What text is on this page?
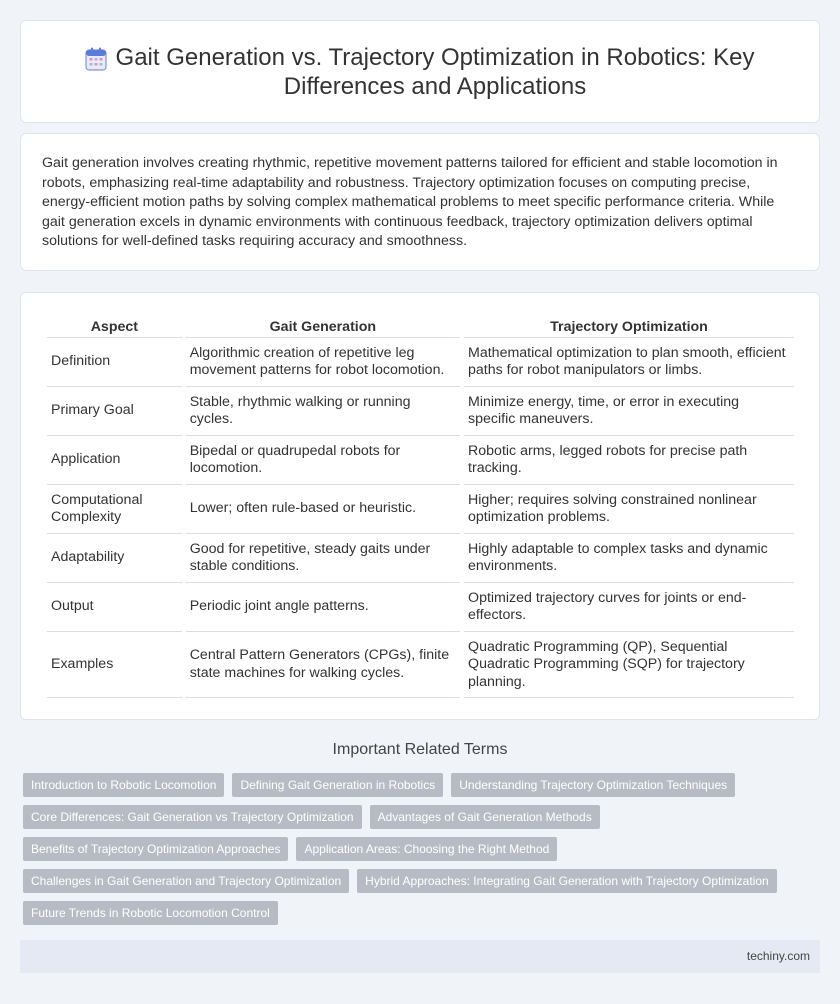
Gait Generation vs. Trajectory Optimization in Robotics: Key Differences and Applications

Gait generation involves creating rhythmic, repetitive movement patterns tailored for efficient and stable locomotion in robots, emphasizing real-time adaptability and robustness. Trajectory optimization focuses on computing precise, energy-efficient motion paths by solving complex mathematical problems to meet specific performance criteria. While gait generation excels in dynamic environments with continuous feedback, trajectory optimization delivers optimal solutions for well-defined tasks requiring accuracy and smoothness.

Aspect	Gait Generation	Trajectory Optimization
Definition	Algorithmic creation of repetitive leg movement patterns for robot locomotion.	Mathematical optimization to plan smooth, efficient paths for robot manipulators or limbs.
Primary Goal	Stable, rhythmic walking or running cycles.	Minimize energy, time, or error in executing specific maneuvers.
Application	Bipedal or quadrupedal robots for locomotion.	Robotic arms, legged robots for precise path tracking.
Computational Complexity	Lower; often rule-based or heuristic.	Higher; requires solving constrained nonlinear optimization problems.
Adaptability	Good for repetitive, steady gaits under stable conditions.	Highly adaptable to complex tasks and dynamic environments.
Output	Periodic joint angle patterns.	Optimized trajectory curves for joints or end-effectors.
Examples	Central Pattern Generators (CPGs), finite state machines for walking cycles.	Quadratic Programming (QP), Sequential Quadratic Programming (SQP) for trajectory planning.
Important Related Terms
Introduction to Robotic Locomotion	Defining Gait Generation in Robotics	Understanding Trajectory Optimization Techniques
Core Differences: Gait Generation vs Trajectory Optimization	Advantages of Gait Generation Methods
Benefits of Trajectory Optimization Approaches	Application Areas: Choosing the Right Method
Challenges in Gait Generation and Trajectory Optimization	Hybrid Approaches: Integrating Gait Generation with Trajectory Optimization
Future Trends in Robotic Locomotion Control
techiny.com
